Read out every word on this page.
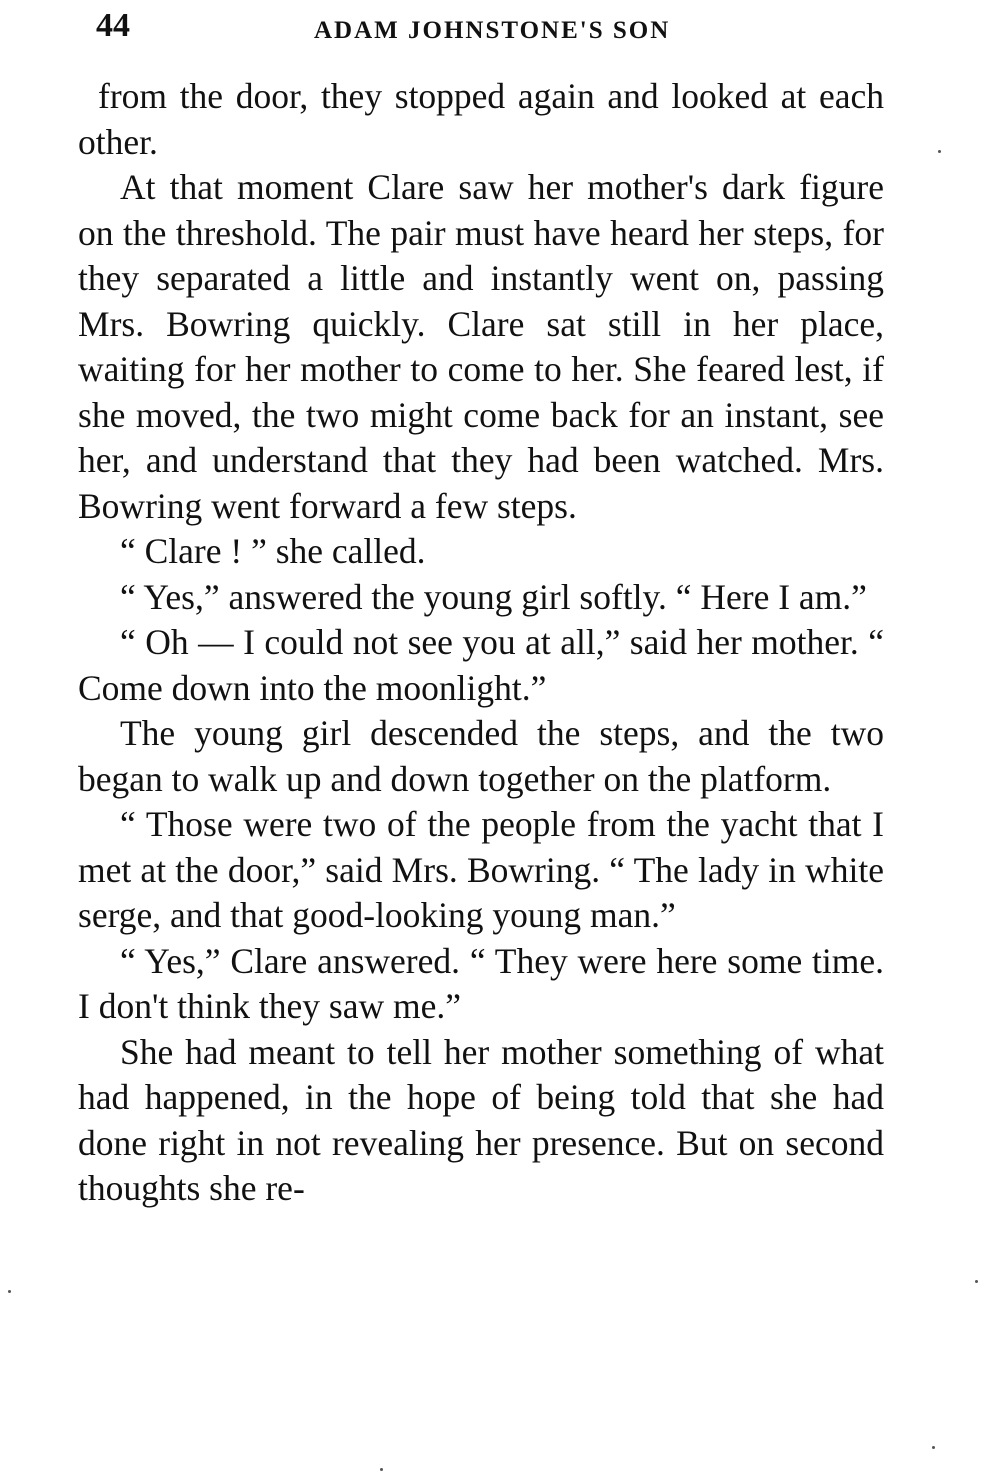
44	ADAM JOHNSTONE'S SON

from the door, they stopped again and looked at each other.

At that moment Clare saw her mother's dark figure on the threshold. The pair must have heard her steps, for they separated a little and instantly went on, passing Mrs. Bowring quickly. Clare sat still in her place, waiting for her mother to come to her. She feared lest, if she moved, the two might come back for an instant, see her, and understand that they had been watched. Mrs. Bowring went forward a few steps.

“ Clare ! ” she called.

“ Yes,” answered the young girl softly. “ Here I am.”

“ Oh — I could not see you at all,” said her mother. “ Come down into the moonlight.”

The young girl descended the steps, and the two began to walk up and down together on the platform.

“ Those were two of the people from the yacht that I met at the door,” said Mrs. Bowring. “ The lady in white serge, and that good-looking young man.”

“ Yes,” Clare answered. “ They were here some time. I don't think they saw me.”

She had meant to tell her mother something of what had happened, in the hope of being told that she had done right in not revealing her presence. But on second thoughts she re-
